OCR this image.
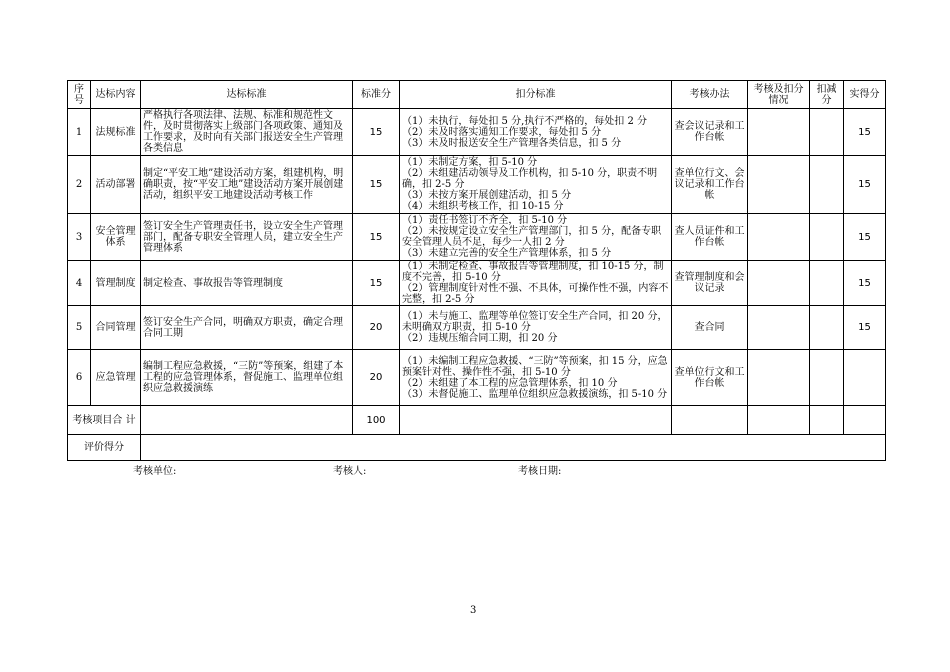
序号	达标内容	达标标准	标准分	扣分标准	考核办法	考核及扣分情况	扣减分	实得分
1	法规标准	严格执行各项法律、法规、标准和规范性文件，及时贯彻落实上级部门各项政策、通知及工作要求，及时向有关部门报送安全生产管理各类信息	15	（1）未执行，每处扣 5 分,执行不严格的，每处扣 2 分
（2）未及时落实通知工作要求，每处扣 5 分
（3）未及时报送安全生产管理各类信息，扣 5 分	查会议记录和工作台帐			15
2	活动部署	制定“平安工地”建设活动方案，组建机构，明确职责，按“平安工地”建设活动方案开展创建活动，组织平安工地建设活动考核工作	15	（1）未制定方案，扣 5-10 分
（2）未组建活动领导及工作机构，扣 5-10 分，职责不明确，扣 2-5 分
（3）未按方案开展创建活动，扣 5 分
（4）未组织考核工作，扣 10-15 分	查单位行文、会议记录和工作台帐			15
3	安全管理体系	签订安全生产管理责任书，设立安全生产管理部门，配备专职安全管理人员，建立安全生产管理体系	15	（1）责任书签订不齐全，扣 5-10 分
（2）未按规定设立安全生产管理部门，扣 5 分，配备专职安全管理人员不足，每少一人扣 2 分
（3）未建立完善的安全生产管理体系，扣 5 分	查人员证件和工作台帐			15
4	管理制度	制定检查、事故报告等管理制度	15	（1）未制定检查、事故报告等管理制度，扣 10-15 分，制度不完善，扣 5-10 分
（2）管理制度针对性不强、不具体，可操作性不强，内容不完整，扣 2-5 分	查管理制度和会议记录			15
5	合同管理	签订安全生产合同，明确双方职责，确定合理合同工期	20	（1）未与施工、监理等单位签订安全生产合同，扣 20 分，未明确双方职责，扣 5-10 分
（2）违规压缩合同工期，扣 20 分	查合同			15
6	应急管理	编制工程应急救援，“三防”等预案，组建了本工程的应急管理体系，督促施工、监理单位组织应急救援演练	20	（1）未编制工程应急救援、“三防”等预案，扣 15 分，应急预案针对性、操作性不强，扣 5-10 分
（2）未组建了本工程的应急管理体系，扣 10 分
（3）未督促施工、监理单位组织应急救援演练，扣 5-10 分	查单位行文和工作台帐			
考核项目合 计			100					
评价得分								
考核单位:	考核人:	考核日期:
3
